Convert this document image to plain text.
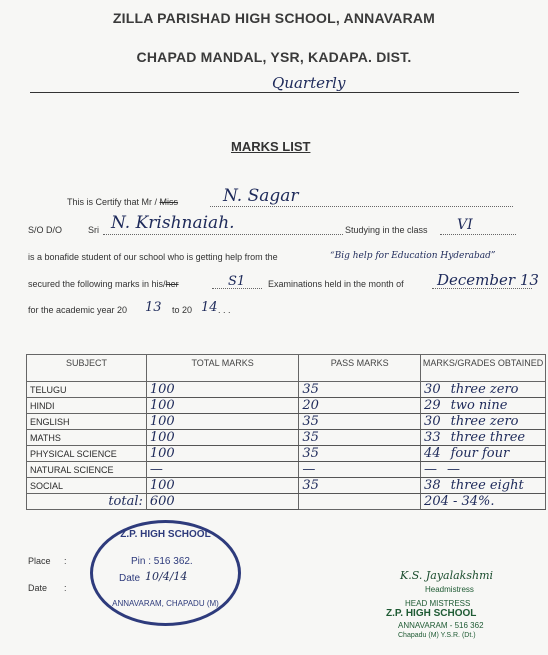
ZILLA PARISHAD HIGH SCHOOL, ANNAVARAM
CHAPAD MANDAL, YSR, KADAPA. DIST.
Quarterly
MARKS LIST
This is Certify that Mr / Miss	N. Sagar
S/O D/O	Sri N. Krishnaiah.	Studying in the class VI
is a bonafide student of our school who is getting help from the	“Big help for Education Hyderabad”
secured the following marks in his/her	S1	Examinations held in the month of December 13
for the academic year 20 13 to 20 14 . . .
SUBJECT	TOTAL MARKS	PASS MARKS	MARKS/GRADES OBTAINED
TELUGU	100	35	30 three zero
HINDI	100	20	29 two nine
ENGLISH	100	35	30 three zero
MATHS	100	35	33 three three
PHYSICAL SCIENCE	100	35	44 four four
NATURAL SCIENCE	—	—	— —
SOCIAL	100	35	38 three eight
total:	600		204 - 34%.
Place :
Date :
Z.P. HIGH SCHOOL
Pin : 516 362.
Date 10/4/14
ANNAVARAM, CHAPADU (M)
K.S. Jayalakshmi
Headmistress
HEAD MISTRESS
Z.P. HIGH SCHOOL
ANNAVARAM - 516 362
Chapadu (M) Y.S.R. (Dt.)
